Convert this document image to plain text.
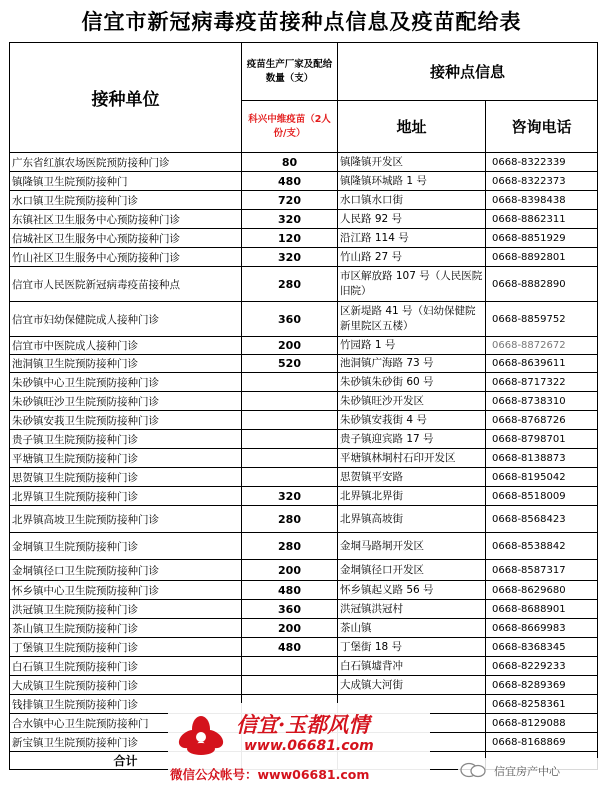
信宜市新冠病毒疫苗接种点信息及疫苗配给表
接种单位	疫苗生产厂家及配给数量（支）	接种点信息	
	科兴中维疫苗（2人份/支）	地址	咨询电话
广东省红旗农场医院预防接种门诊	80	镇隆镇开发区	0668-8322339
镇隆镇卫生院预防接种门	480	镇隆镇环城路 1 号	0668-8322373
水口镇卫生院预防接种门诊	720	水口镇水口街	0668-8398438
东镇社区卫生服务中心预防接种门诊	320	人民路 92 号	0668-8862311
信城社区卫生服务中心预防接种门诊	120	沿江路 114 号	0668-8851929
竹山社区卫生服务中心预防接种门诊	320	竹山路 27 号	0668-8892801
信宜市人民医院新冠病毒疫苗接种点	280	市区解放路 107 号（人民医院旧院）	0668-8882890
信宜市妇幼保健院成人接种门诊	360	区新堤路 41 号（妇幼保健院新里院区五楼）	0668-8859752
信宜市中医院成人接种门诊	200	竹园路 1 号	0668-8872672
池洞镇卫生院预防接种门诊	520	池洞镇广海路 73 号	0668-8639611
朱砂镇中心卫生院预防接种门诊		朱砂镇朱砂街 60 号	0668-8717322
朱砂镇旺沙卫生院预防接种门诊		朱砂镇旺沙开发区	0668-8738310
朱砂镇安莪卫生院预防接种门诊		朱砂镇安莪街 4 号	0668-8768726
贵子镇卫生院预防接种门诊		贵子镇迎宾路 17 号	0668-8798701
平塘镇卫生院预防接种门诊		平塘镇林垌村石印开发区	0668-8138873
思贺镇卫生院预防接种门诊		思贺镇平安路	0668-8195042
北界镇卫生院预防接种门诊	320	北界镇北界街	0668-8518009
北界镇高坡卫生院预防接种门诊	280	北界镇高坡街	0668-8568423
金垌镇卫生院预防接种门诊	280	金垌马路垌开发区	0668-8538842
金垌镇径口卫生院预防接种门诊	200	金垌镇径口开发区	0668-8587317
怀乡镇中心卫生院预防接种门诊	480	怀乡镇起义路 56 号	0668-8629680
洪冠镇卫生院预防接种门诊	360	洪冠镇洪冠村	0668-8688901
茶山镇卫生院预防接种门诊	200	茶山镇	0668-8669983
丁堡镇卫生院预防接种门诊	480	丁堡街 18 号	0668-8368345
白石镇卫生院预防接种门诊		白石镇墟背冲	0668-8229233
大成镇卫生院预防接种门诊		大成镇大河街	0668-8289369
钱排镇卫生院预防接种门诊			0668-8258361
合水镇中心卫生院预防接种门			0668-8129088
新宝镇卫生院预防接种门诊			0668-8168869
合计			
信宜·玉都风情
www.06681.com
微信公众帐号：www06681.com	信宜房产中心
